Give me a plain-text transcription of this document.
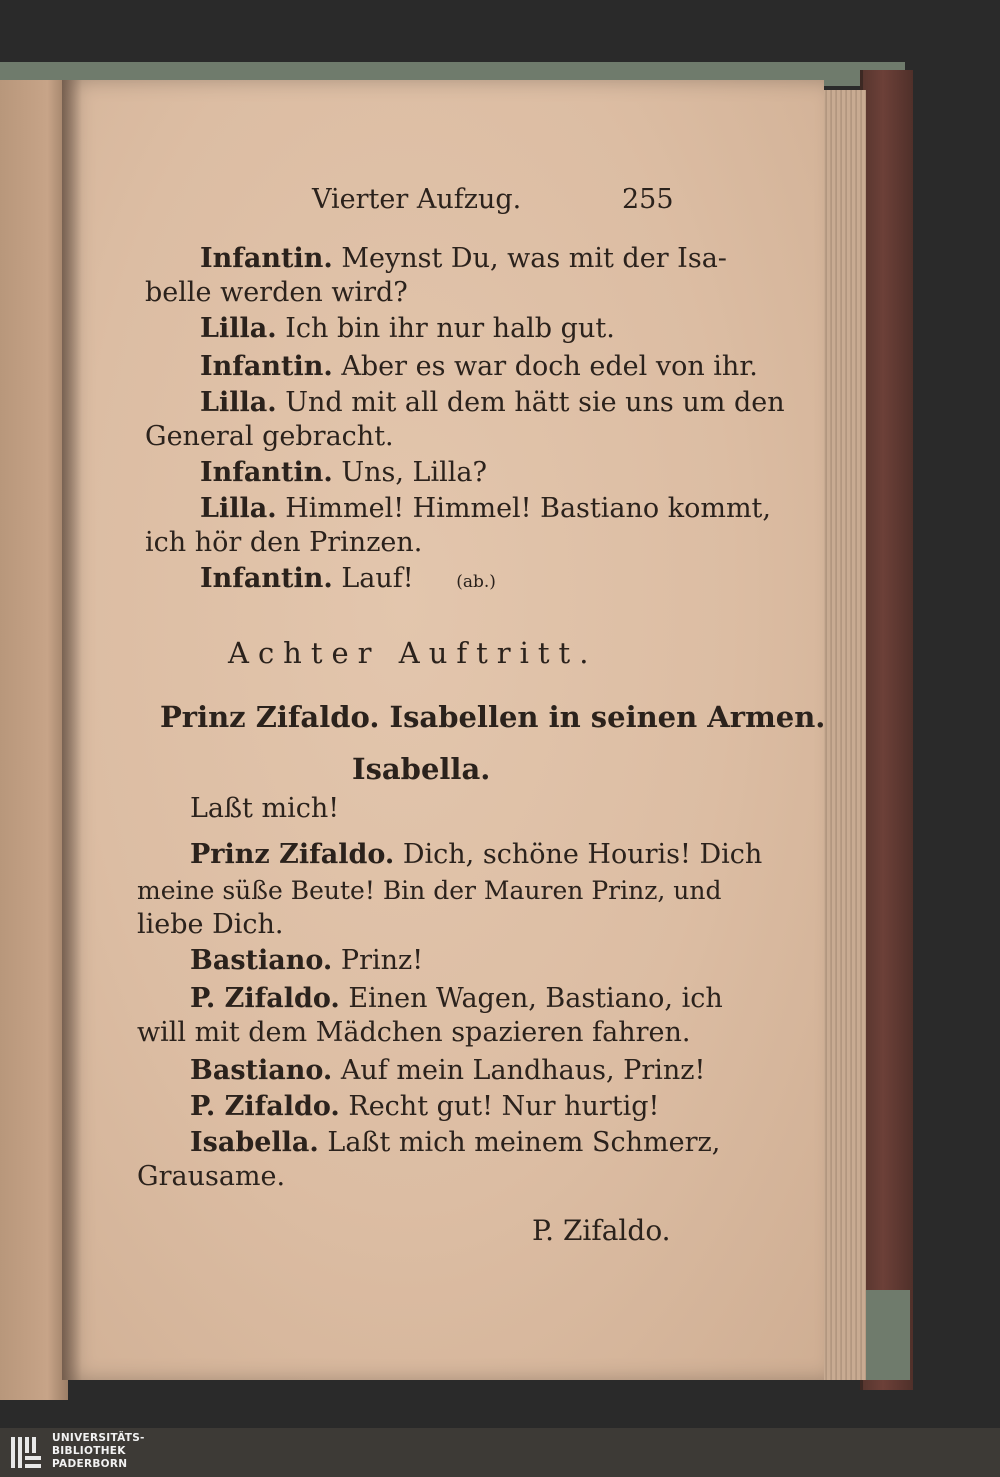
Vierter Aufzug.	255

Infantin. Meynst Du, was mit der Isa-

belle werden wird?

Lilla. Ich bin ihr nur halb gut.

Infantin. Aber es war doch edel von ihr.

Lilla. Und mit all dem hätt sie uns um den

General gebracht.

Infantin. Uns, Lilla?

Lilla. Himmel! Himmel! Bastiano kommt,

ich hör den Prinzen.

Infantin. Lauf!	(ab.)

Achter Auftritt.
Prinz Zifaldo. Isabellen in seinen Armen.
Isabella.

Laßt mich!

Prinz Zifaldo. Dich, schöne Houris! Dich

meine süße Beute! Bin der Mauren Prinz, und

liebe Dich.

Bastiano. Prinz!

P. Zifaldo. Einen Wagen, Bastiano, ich

will mit dem Mädchen spazieren fahren.

Bastiano. Auf mein Landhaus, Prinz!

P. Zifaldo. Recht gut! Nur hurtig!

Isabella. Laßt mich meinem Schmerz,

Grausame.

P. Zifaldo.
UNIVERSITÄTS-
BIBLIOTHEK
PADERBORN
